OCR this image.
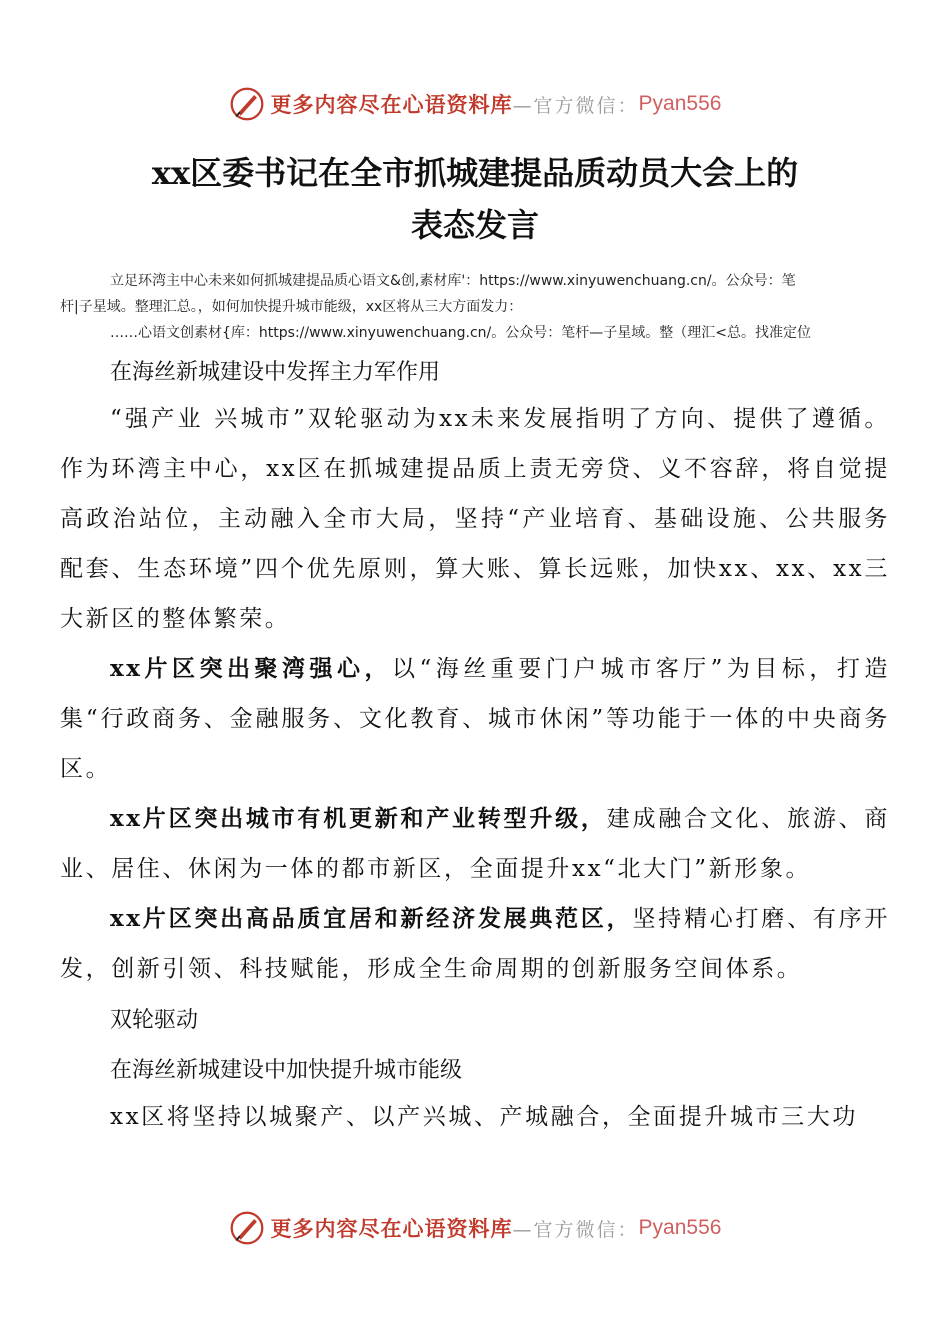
更多内容尽在心语资料库 —官方微信： Pyan556
xx区委书记在全市抓城建提品质动员大会上的
表态发言
立足环湾主中心未来如何抓城建提品质心语文&创,素材库'：https://www.xinyuwenchuang.cn/。公众号：笔
杆|子星域。整理汇总。，如何加快提升城市能级，xx区将从三大方面发力：
……心语文创素材{库：https://www.xinyuwenchuang.cn/。公众号：笔杆—子星域。整（理汇<总。找准定位
在海丝新城建设中发挥主力军作用
“强产业 兴城市”双轮驱动为xx未来发展指明了方向、提供了遵循。作为环湾主中心，xx区在抓城建提品质上责无旁贷、义不容辞，将自觉提高政治站位，主动融入全市大局，坚持“产业培育、基础设施、公共服务配套、生态环境”四个优先原则，算大账、算长远账，加快xx、xx、xx三大新区的整体繁荣。
xx片区突出聚湾强心，以“海丝重要门户城市客厅”为目标，打造集“行政商务、金融服务、文化教育、城市休闲”等功能于一体的中央商务区。
xx片区突出城市有机更新和产业转型升级，建成融合文化、旅游、商业、居住、休闲为一体的都市新区，全面提升xx“北大门”新形象。
xx片区突出高品质宜居和新经济发展典范区，坚持精心打磨、有序开发，创新引领、科技赋能，形成全生命周期的创新服务空间体系。
双轮驱动
在海丝新城建设中加快提升城市能级
xx区将坚持以城聚产、以产兴城、产城融合，全面提升城市三大功
更多内容尽在心语资料库 —官方微信： Pyan556
